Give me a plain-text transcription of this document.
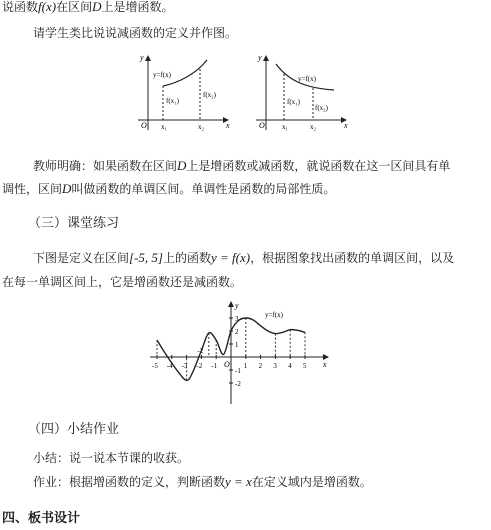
说函数f(x)在区间D上是增函数。
请学生类比说说减函数的定义并作图。
y
x
O
y=f(x)
f(x₁)
f(x₂)
x₁	x₂
y
x
O
y=f(x)
f(x₁)
f(x₂)
x₁	x₂
教师明确：如果函数在区间D上是增函数或减函数，就说函数在这一区间具有单
调性，区间D叫做函数的单调区间。单调性是函数的局部性质。
（三）课堂练习
下图是定义在区间[-5, 5]上的函数y = f(x)，根据图象找出函数的单调区间，以及
在每一单调区间上，它是增函数还是减函数。
y
x
O
y=f(x)
-5 -4 -3 -2 -1	1 2 3 4 5
-2
3
2
1
-1
-2
（四）小结作业
小结：说一说本节课的收获。
作业：根据增函数的定义，判断函数y = x在定义域内是增函数。
四、板书设计
